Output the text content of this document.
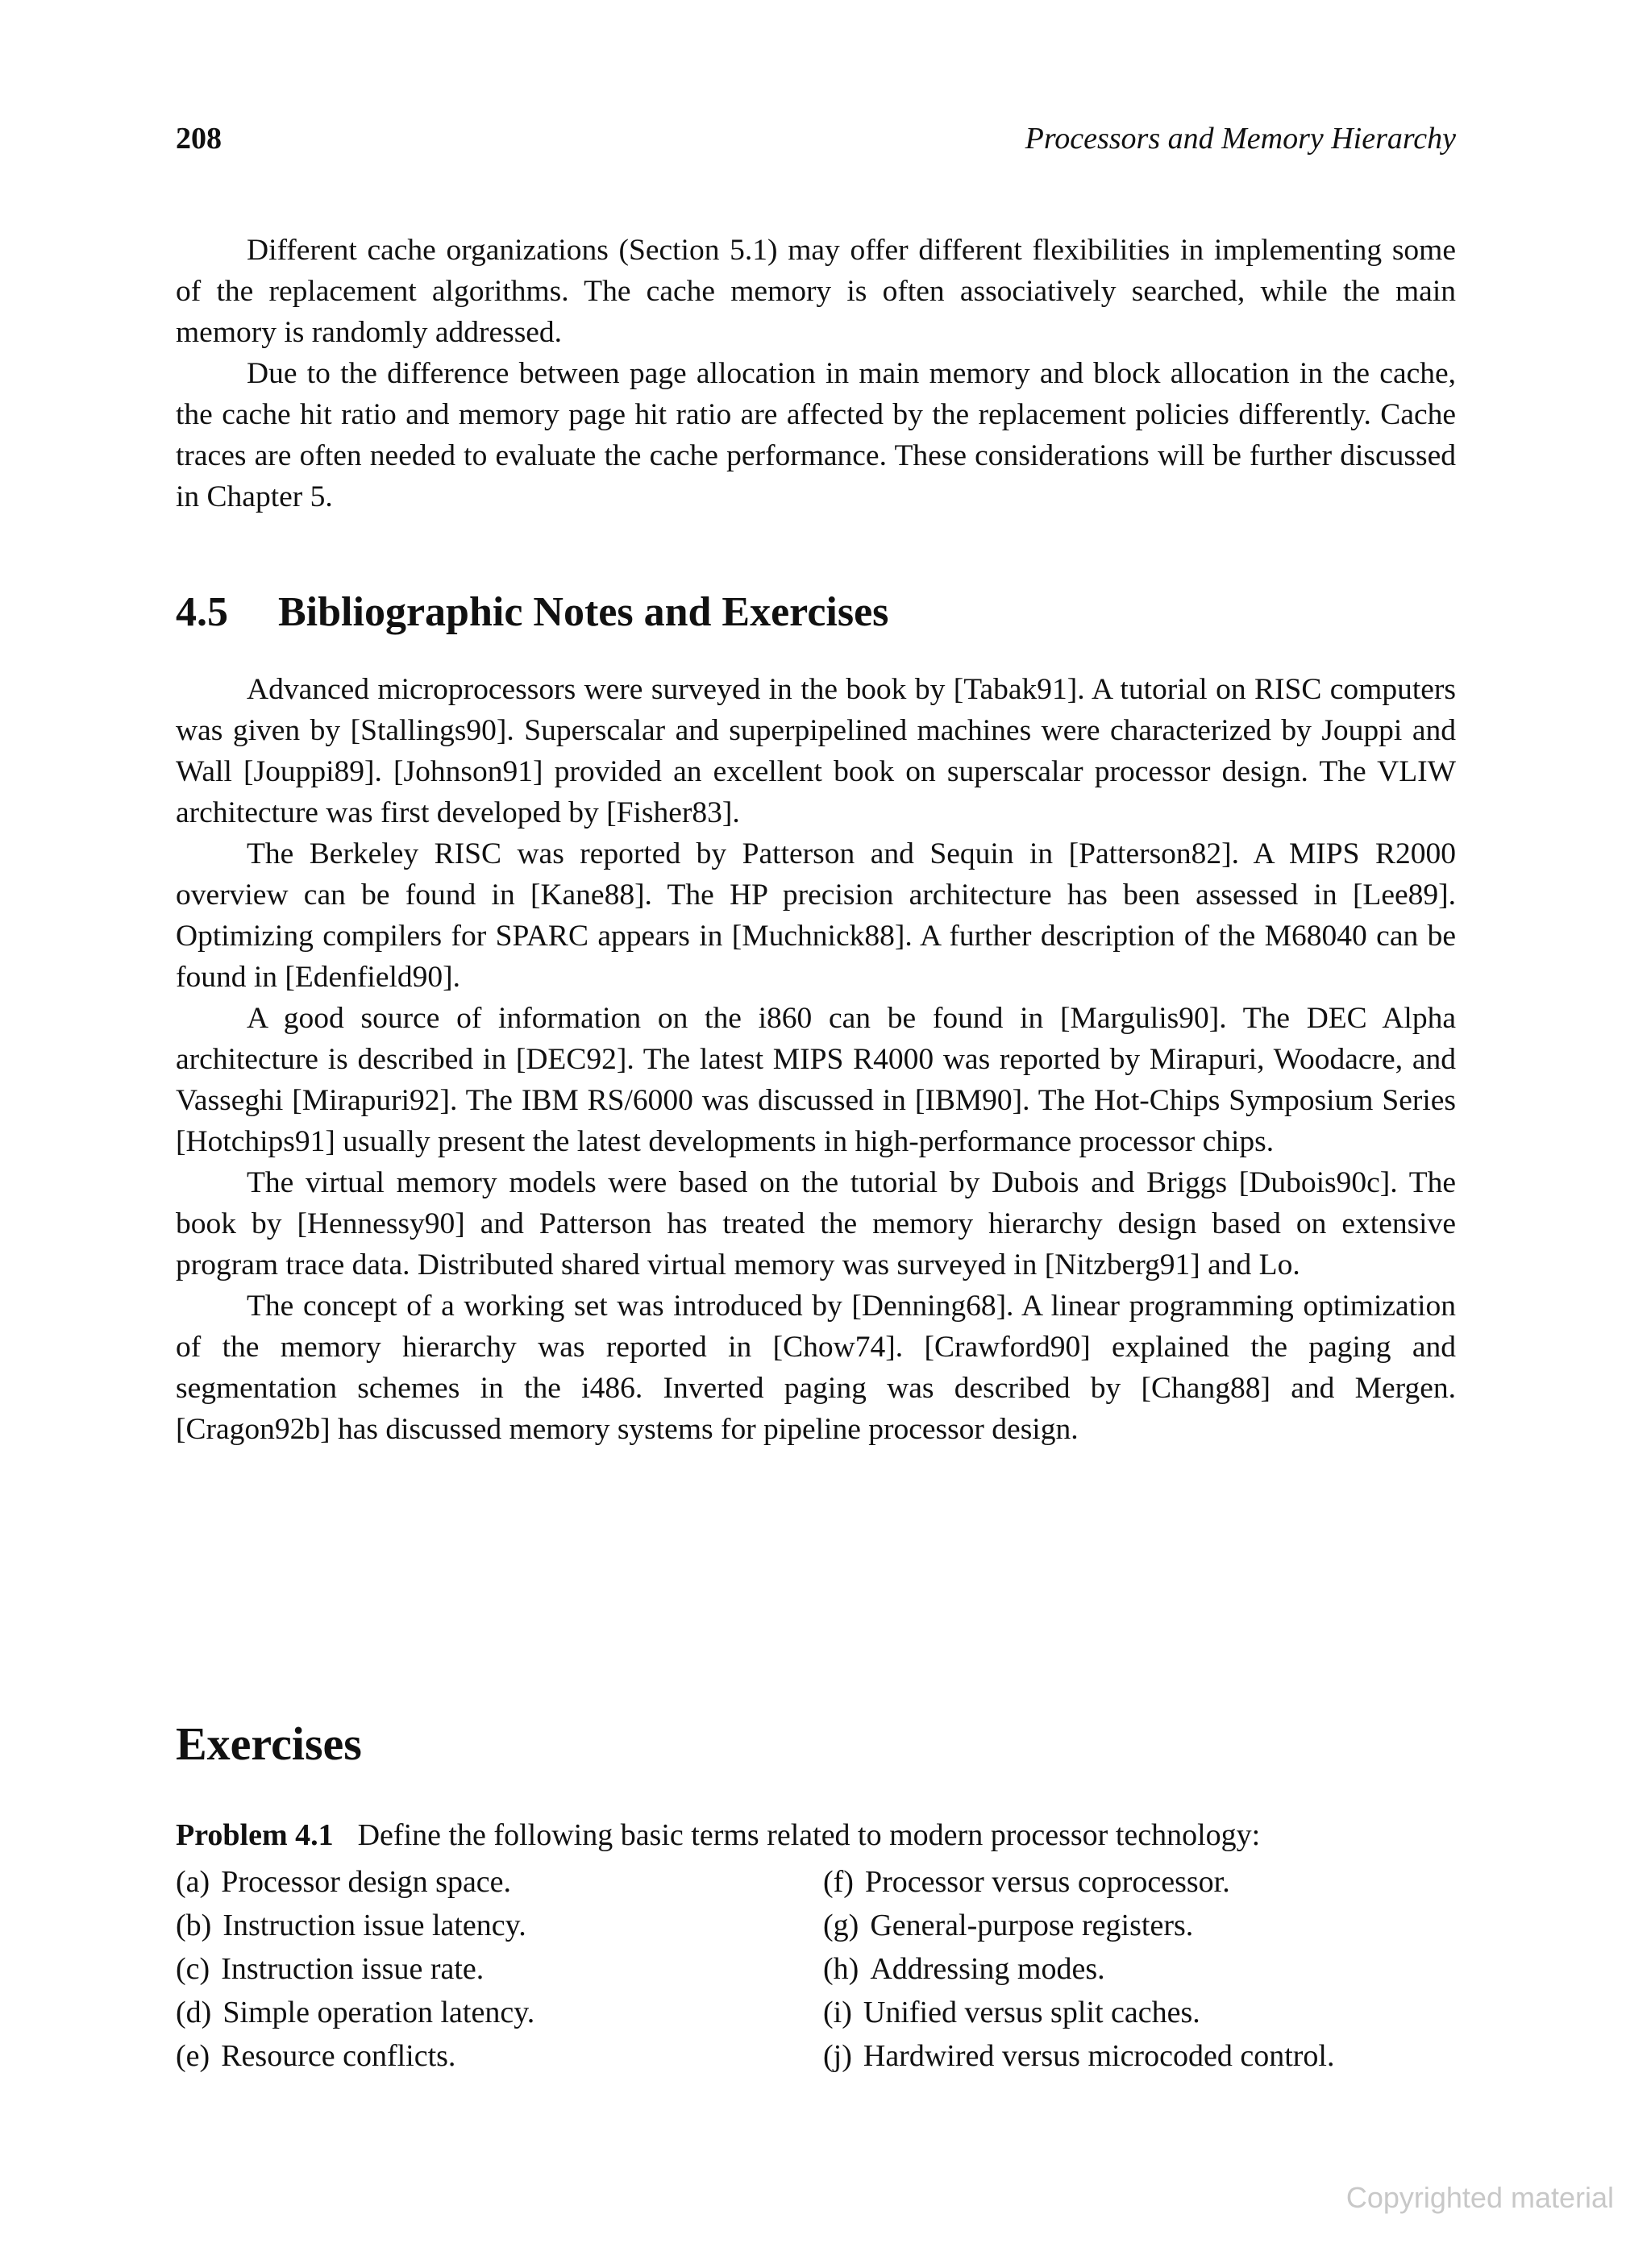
208	Processors and Memory Hierarchy

Different cache organizations (Section 5.1) may offer different flexibilities in implementing some of the replacement algorithms. The cache memory is often associatively searched, while the main memory is randomly addressed.

Due to the difference between page allocation in main memory and block allocation in the cache, the cache hit ratio and memory page hit ratio are affected by the replacement policies differently. Cache traces are often needed to evaluate the cache performance. These considerations will be further discussed in Chapter 5.

4.5 Bibliographic Notes and Exercises

Advanced microprocessors were surveyed in the book by [Tabak91]. A tutorial on RISC computers was given by [Stallings90]. Superscalar and superpipelined machines were characterized by Jouppi and Wall [Jouppi89]. [Johnson91] provided an excellent book on superscalar processor design. The VLIW architecture was first developed by [Fisher83].

The Berkeley RISC was reported by Patterson and Sequin in [Patterson82]. A MIPS R2000 overview can be found in [Kane88]. The HP precision architecture has been assessed in [Lee89]. Optimizing compilers for SPARC appears in [Muchnick88]. A further description of the M68040 can be found in [Edenfield90].

A good source of information on the i860 can be found in [Margulis90]. The DEC Alpha architecture is described in [DEC92]. The latest MIPS R4000 was reported by Mirapuri, Woodacre, and Vasseghi [Mirapuri92]. The IBM RS/6000 was discussed in [IBM90]. The Hot-Chips Symposium Series [Hotchips91] usually present the latest developments in high-performance processor chips.

The virtual memory models were based on the tutorial by Dubois and Briggs [Dubois90c]. The book by [Hennessy90] and Patterson has treated the memory hierarchy design based on extensive program trace data. Distributed shared virtual memory was surveyed in [Nitzberg91] and Lo.

The concept of a working set was introduced by [Denning68]. A linear programming optimization of the memory hierarchy was reported in [Chow74]. [Crawford90] explained the paging and segmentation schemes in the i486. Inverted paging was described by [Chang88] and Mergen. [Cragon92b] has discussed memory systems for pipeline processor design.

Exercises
Problem 4.1 Define the following basic terms related to modern processor technology:
(a) Processor design space.	(f) Processor versus coprocessor.
(b) Instruction issue latency.	(g) General-purpose registers.
(c) Instruction issue rate.	(h) Addressing modes.
(d) Simple operation latency.	(i) Unified versus split caches.
(e) Resource conflicts.	(j) Hardwired versus microcoded control.
Copyrighted material
